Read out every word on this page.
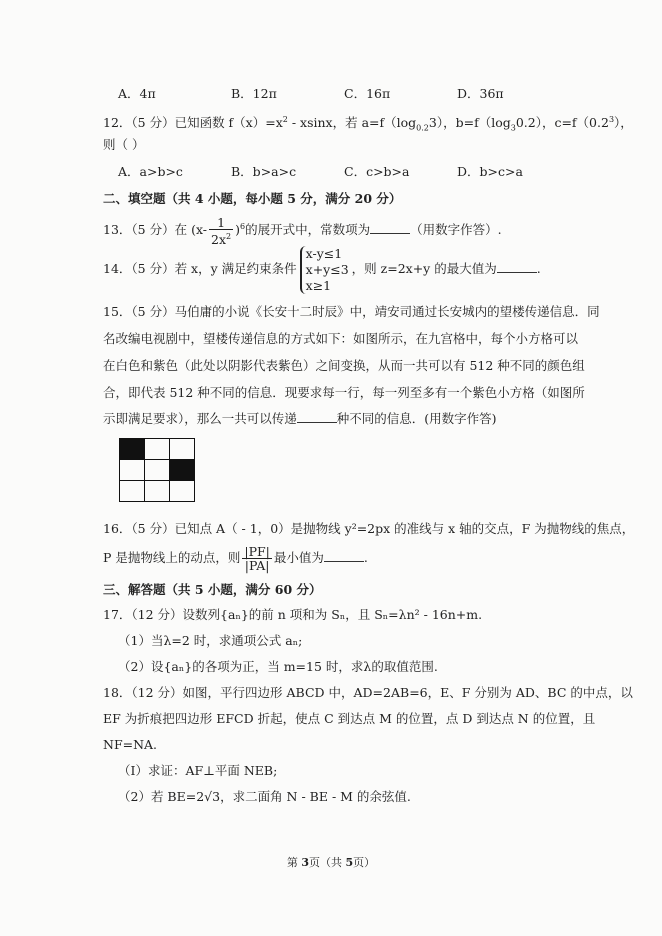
A．4π	B．12π	C．16π	D．36π
12．（5 分）已知函数 $f(x)=x^2 - xsinx$，若 $a=f(\log_{0.2}3)$，$b=f(\log_30.2)$，$c=f(0.2^3)$，
则（ ）
A．a>b>c	B．b>a>c	C．c>b>a	D．b>c>a
二、填空题（共 4 小题，每小题 5 分，满分 20 分）
13．（5 分）在 $(x- \frac{1}{2x^2} )^6$的展开式中，常数项为	（用数字作答）.
14．（5 分）若 x，y 满足约束条件
x-y≤1
x+y≤3
x≥1
，则 z=2x+y 的最大值为	.
15．（5 分）马伯庸的小说《长安十二时辰》中，靖安司通过长安城内的望楼传递信息．同
名改编电视剧中，望楼传递信息的方式如下：如图所示，在九宫格中，每个小方格可以
在白色和紫色（此处以阴影代表紫色）之间变换，从而一共可以有 512 种不同的颜色组
合，即代表 512 种不同的信息．现要求每一行，每一列至多有一个紫色小方格（如图所
示即满足要求），那么一共可以传递	种不同的信息．(用数字作答)

16．（5 分）已知点 A（ - 1，0）是抛物线 y²=2px 的准线与 x 轴的交点，F 为抛物线的焦点，
P 是抛物线上的动点，则 $\frac{|PF|}{|PA|}$ 最小值为	.
三、解答题（共 5 小题，满分 60 分）
17．（12 分）设数列{aₙ}的前 n 项和为 Sₙ，且 Sₙ=λn² - 16n+m.
（1）当λ=2 时，求通项公式 aₙ;
（2）设{aₙ}的各项为正，当 m=15 时，求λ的取值范围.
18．（12 分）如图，平行四边形 ABCD 中，AD=2AB=6，E、F 分别为 AD、BC 的中点，以
EF 为折痕把四边形 EFCD 折起，使点 C 到达点 M 的位置，点 D 到达点 N 的位置，且
NF=NA.
（Ⅰ）求证：AF⊥平面 NEB;
（2）若 BE=2√3，求二面角 N - BE - M 的余弦值.
第 3页（共 5页）
